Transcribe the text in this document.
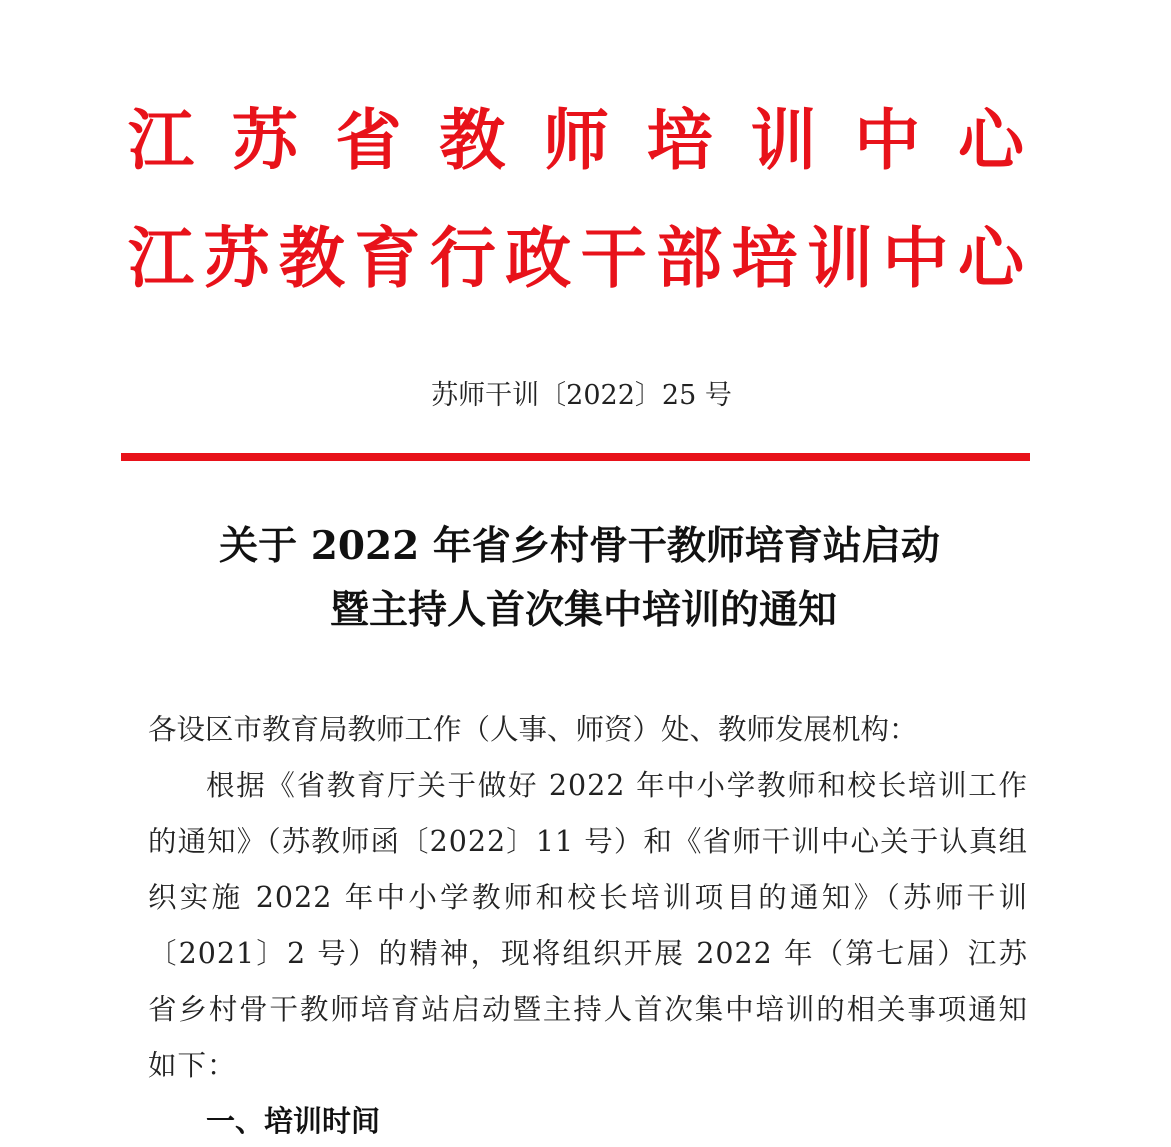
江 苏 省 教 师 培 训 中 心
江苏教育行政干部培训中心
苏师干训〔2022〕25 号
关于 2022 年省乡村骨干教师培育站启动
暨主持人首次集中培训的通知
各设区市教育局教师工作（人事、师资）处、教师发展机构：
根据《省教育厅关于做好 2022 年中小学教师和校长培训工作的通知》（苏教师函〔2022〕11 号）和《省师干训中心关于认真组织实施 2022 年中小学教师和校长培训项目的通知》（苏师干训〔2021〕2 号）的精神，现将组织开展 2022 年（第七届）江苏省乡村骨干教师培育站启动暨主持人首次集中培训的相关事项通知如下：
一、培训时间
